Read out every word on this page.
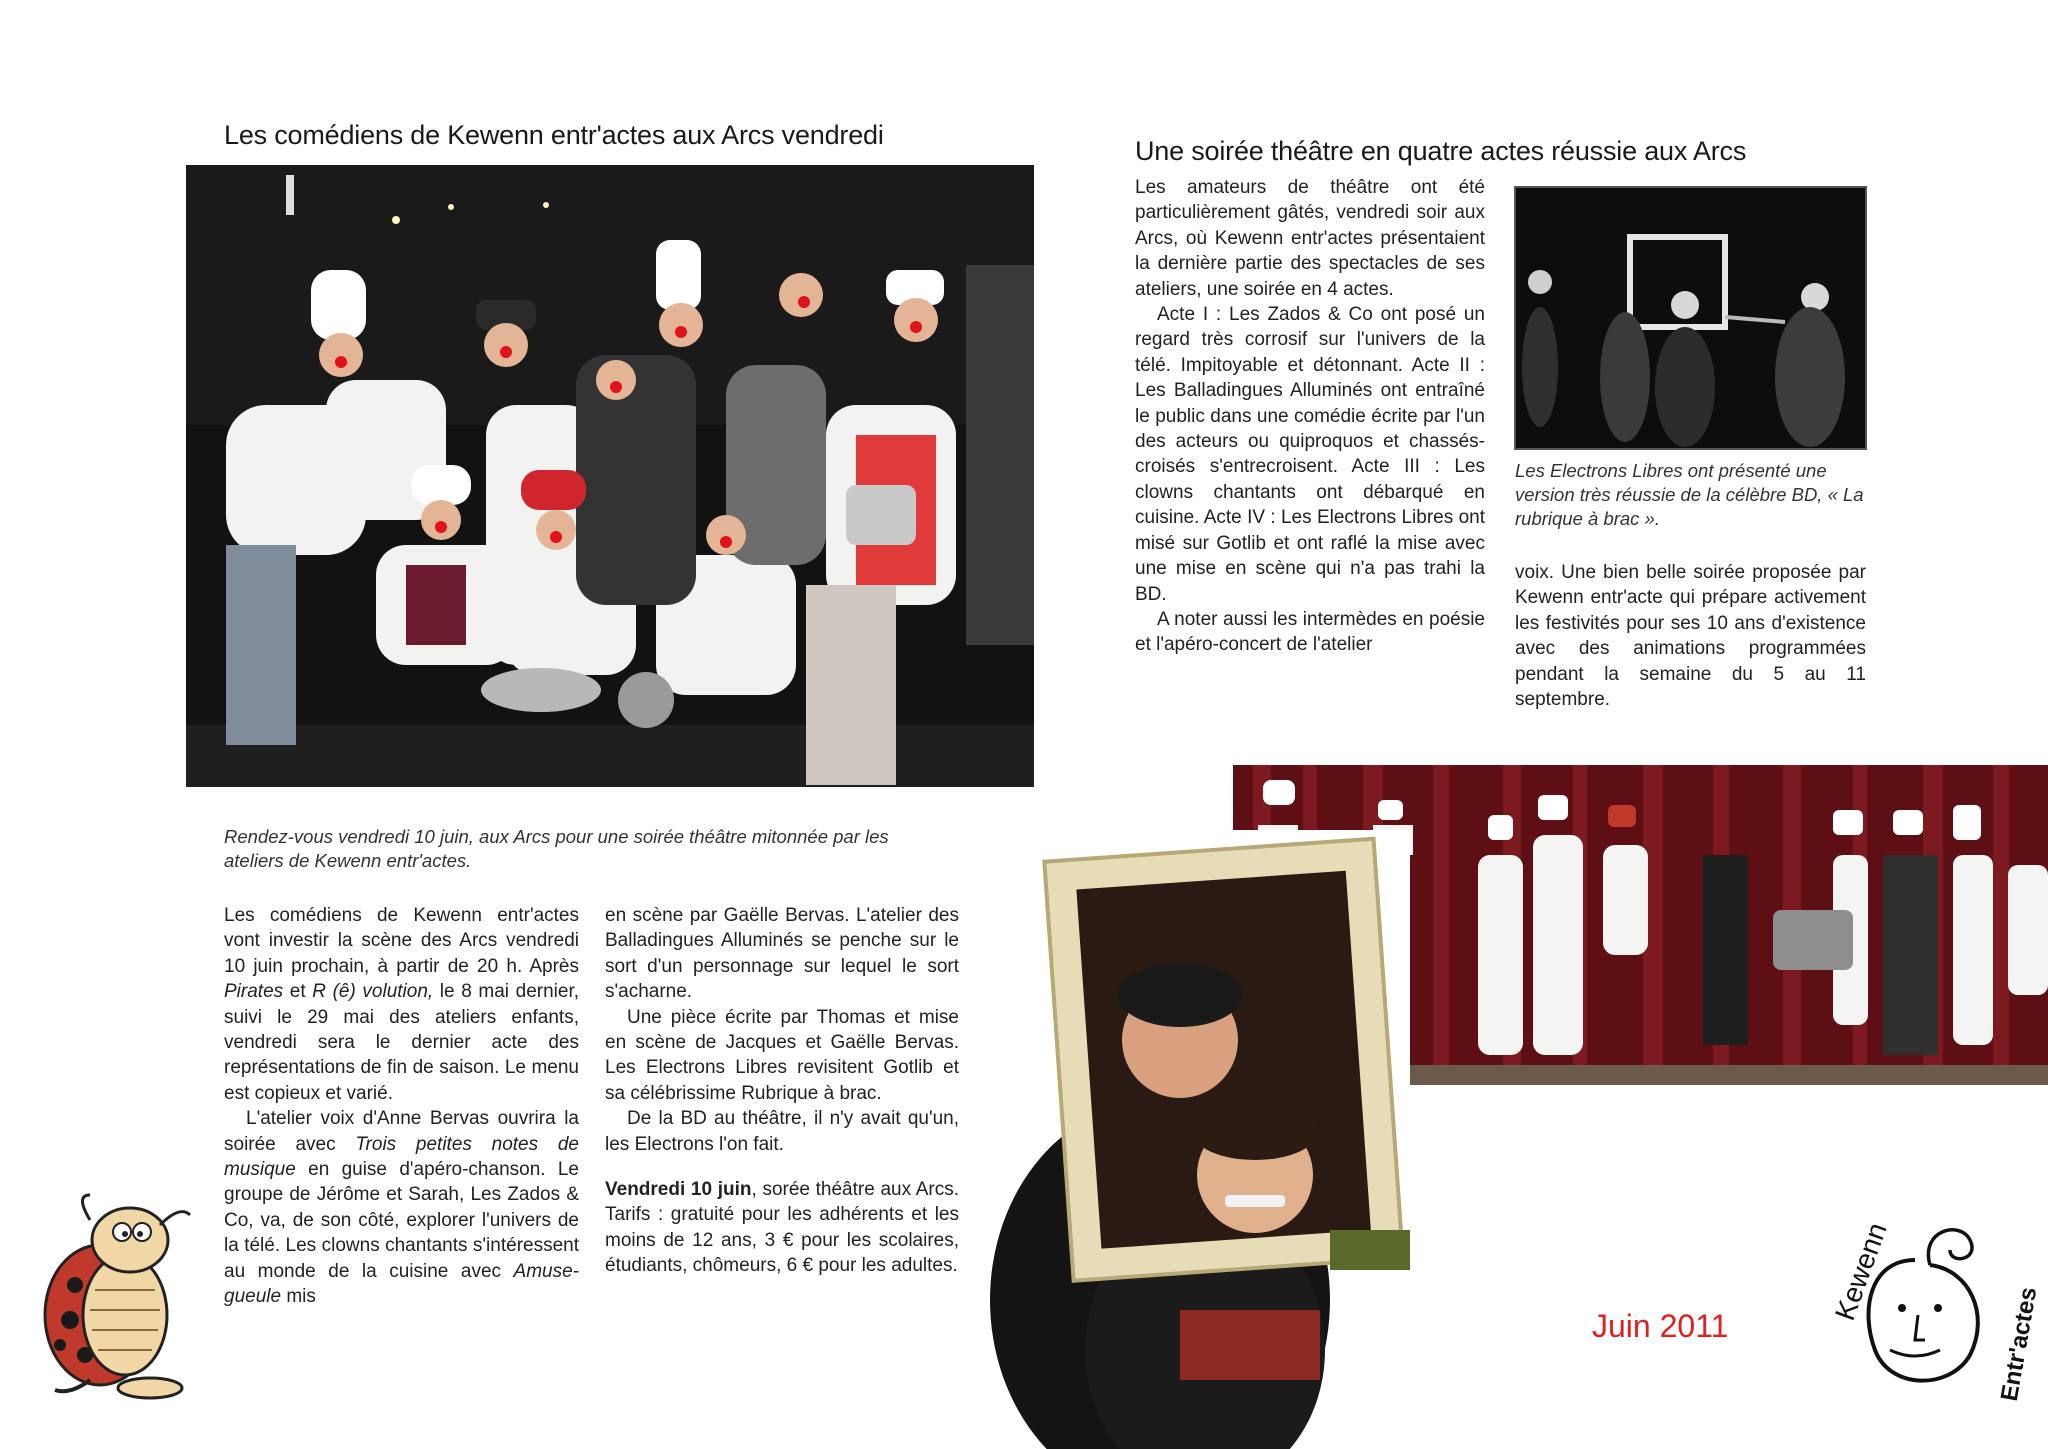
Les comédiens de Kewenn entr'actes aux Arcs vendredi
Rendez-vous vendredi 10 juin, aux Arcs pour une soirée théâtre mitonnée par les ateliers de Kewenn entr'actes.

Les comédiens de Kewenn entr'actes vont investir la scène des Arcs vendredi 10 juin prochain, à partir de 20 h. Après Pirates et R (ê) volution, le 8 mai dernier, suivi le 29 mai des ateliers enfants, vendredi sera le dernier acte des représentations de fin de saison. Le menu est copieux et varié.

L'atelier voix d'Anne Bervas ouvrira la soirée avec Trois petites notes de musique en guise d'apéro-chanson. Le groupe de Jérôme et Sarah, Les Zados & Co, va, de son côté, explorer l'univers de la télé. Les clowns chantants s'intéressent au monde de la cuisine avec Amuse-gueule mis

en scène par Gaëlle Bervas. L'atelier des Balladingues Alluminés se penche sur le sort d'un personnage sur lequel le sort s'acharne.

Une pièce écrite par Thomas et mise en scène de Jacques et Gaëlle Bervas. Les Electrons Libres revisitent Gotlib et sa célébrissime Rubrique à brac.

De la BD au théâtre, il n'y avait qu'un, les Electrons l'on fait.

Vendredi 10 juin, sorée théâtre aux Arcs. Tarifs : gratuité pour les adhérents et les moins de 12 ans, 3 € pour les scolaires, étudiants, chômeurs, 6 € pour les adultes.

Une soirée théâtre en quatre actes réussie aux Arcs

Les amateurs de théâtre ont été particulièrement gâtés, vendredi soir aux Arcs, où Kewenn entr'actes présentaient la dernière partie des spectacles de ses ateliers, une soirée en 4 actes.

Acte I : Les Zados & Co ont posé un regard très corrosif sur l'univers de la télé. Impitoyable et détonnant. Acte II : Les Balladingues Alluminés ont entraîné le public dans une comédie écrite par l'un des acteurs ou quiproquos et chassés-croisés s'entrecroisent. Acte III : Les clowns chantants ont débarqué en cuisine. Acte IV : Les Electrons Libres ont misé sur Gotlib et ont raflé la mise avec une mise en scène qui n'a pas trahi la BD.

A noter aussi les intermèdes en poésie et l'apéro-concert de l'atelier

Les Electrons Libres ont présenté une version très réussie de la célèbre BD, « La rubrique à brac ».

voix. Une bien belle soirée proposée par Kewenn entr'acte qui prépare activement les festivités pour ses 10 ans d'existence avec des animations programmées pendant la semaine du 5 au 11 septembre.

Juin 2011
Kewenn
Entr'actes
